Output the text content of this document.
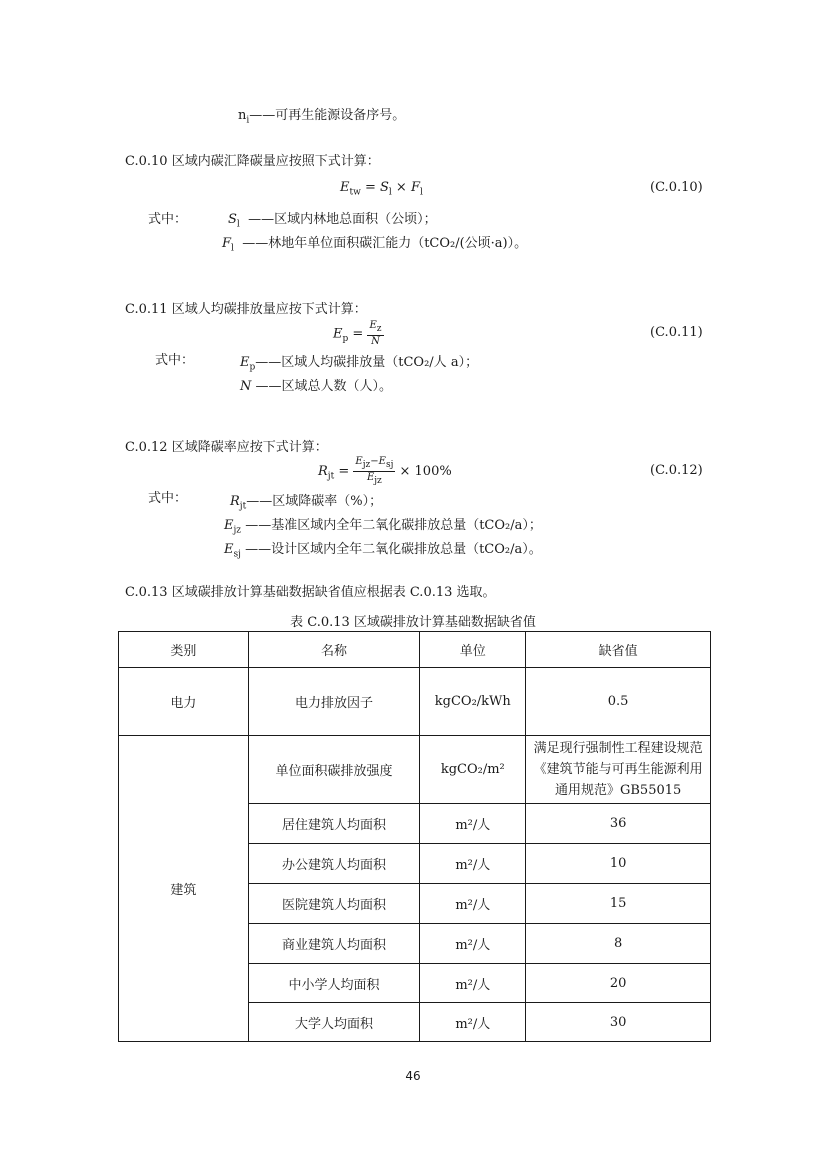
$n_i——$可再生能源设备序号。
C.0.10 区域内碳汇降碳量应按照下式计算：
$E_{tw} = S_l \times F_l$	(C.0.10)
式中：	$S_l$ ——区域内林地总面积（公顷）；
$F_l$ ——林地年单位面积碳汇能力（tCO₂/(公顷·a)）。
C.0.11 区域人均碳排放量应按下式计算：
$E_p = \frac{E_z}{N}$	(C.0.11)
式中：	$E_p——$区域人均碳排放量（tCO₂/人 a）；
N ——区域总人数（人）。
C.0.12 区域降碳率应按下式计算：
$R_{jt} = \frac{E_{jz}-E_{sj}}{E_{jz}} \times 100\%$	(C.0.12)
式中：	$R_{jt}——$区域降碳率（%）；
$E_{jz}$ ——基准区域内全年二氧化碳排放总量（tCO₂/a）；
$E_{sj}$ ——设计区域内全年二氧化碳排放总量（tCO₂/a）。
C.0.13 区域碳排放计算基础数据缺省值应根据表 C.0.13 选取。
表 C.0.13 区域碳排放计算基础数据缺省值
类别	名称	单位	缺省值
电力	电力排放因子	kgCO₂/kWh	0.5
建筑	单位面积碳排放强度	kgCO₂/m²	满足现行强制性工程建设规范《建筑节能与可再生能源利用通用规范》GB55015
	居住建筑人均面积	m²/人	36
	办公建筑人均面积	m²/人	10
	医院建筑人均面积	m²/人	15
	商业建筑人均面积	m²/人	8
	中小学人均面积	m²/人	20
	大学人均面积	m²/人	30
46
